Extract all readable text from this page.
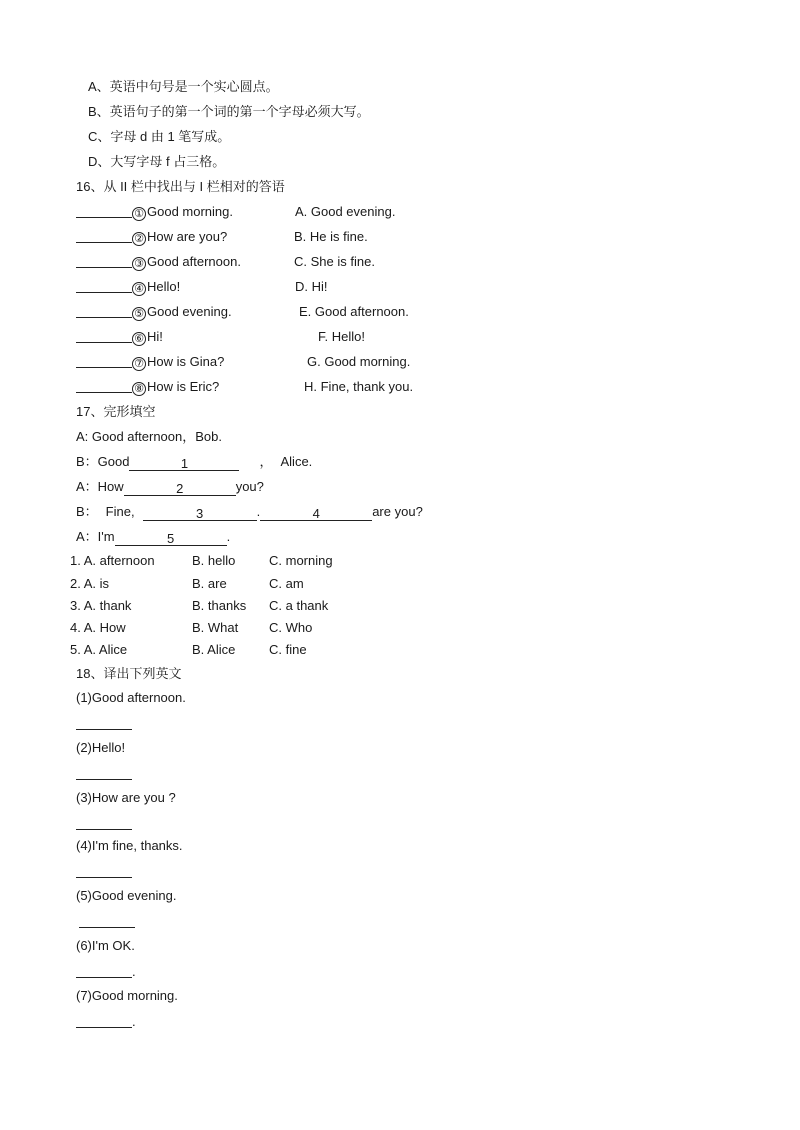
A、英语中句号是一个实心圆点。
B、英语句子的第一个词的第一个字母必须大写。
C、字母 d 由 1 笔写成。
D、大写字母 f 占三格。
16、从 II 栏中找出与 I 栏相对的答语
① Good morning.	A. Good evening.
② How are you?	B. He is fine.
③ Good afternoon.	C. She is fine.
④ Hello!	D. Hi!
⑤ Good evening.	E. Good afternoon.
⑥ Hi!	F. Hello!
⑦ How is Gina?	G. Good morning.
⑧ How is Eric?	H. Fine, thank you.
17、完形填空
A: Good afternoon，Bob.
B：Good	1	， Alice.
A：How	2	you?
B： Fine,	3	.	4	are you?
A：I'm	5	.
1. A. afternoon	B. hello	C. morning
2. A. is	B. are	C. am
3. A. thank	B. thanks C. a thank
4. A. How	B. What C. Who
5. A. Alice	B. Alice	C. fine
18、译出下列英文
(1)Good afternoon.
(2)Hello!
(3)How are you ?
(4)I'm fine, thanks.
(5)Good evening.
(6)I'm OK.
.
(7)Good morning.
.
